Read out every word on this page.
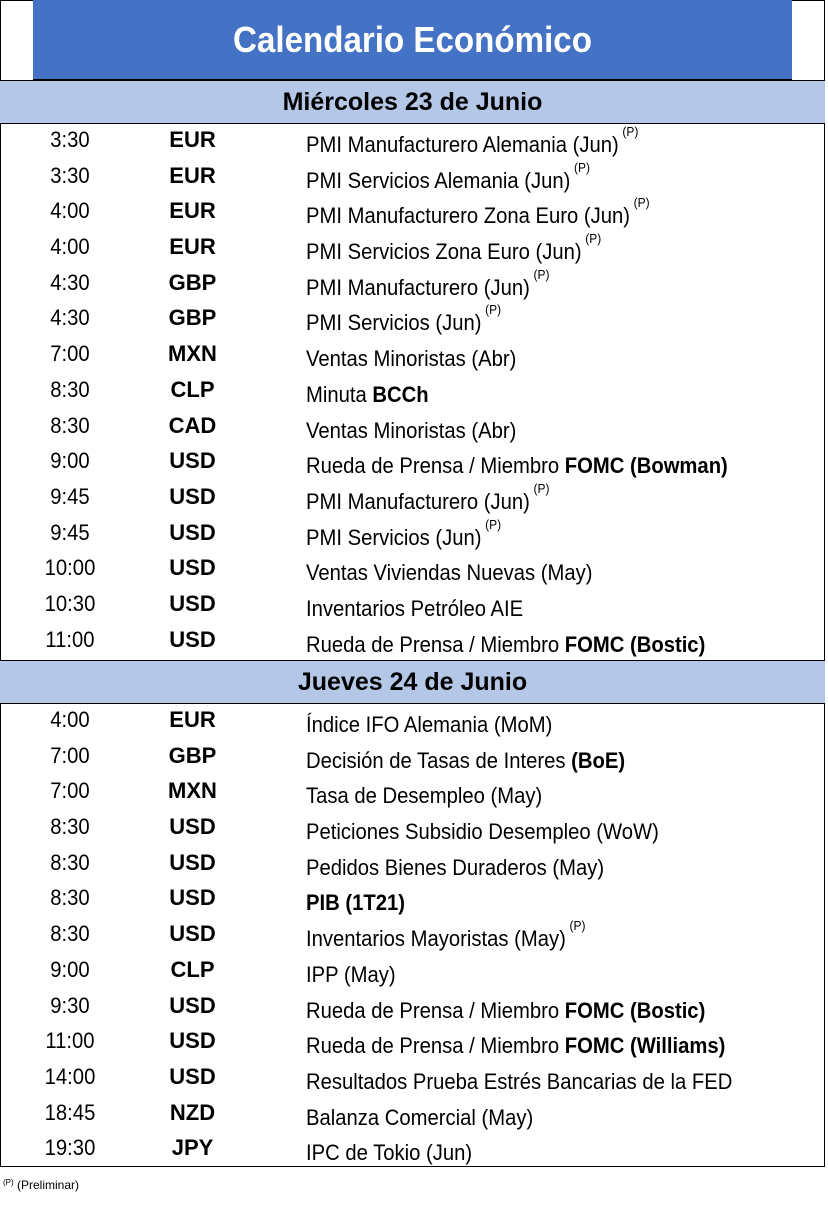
Calendario Económico
Miércoles 23 de Junio
3:30	EUR	PMI Manufacturero Alemania (Jun)$^{(P)}$
3:30	EUR	PMI Servicios Alemania (Jun)$^{(P)}$
4:00	EUR	PMI Manufacturero Zona Euro (Jun)$^{(P)}$
4:00	EUR	PMI Servicios Zona Euro (Jun)$^{(P)}$
4:30	GBP	PMI Manufacturero (Jun)$^{(P)}$
4:30	GBP	PMI Servicios (Jun)$^{(P)}$
7:00	MXN	Ventas Minoristas (Abr)
8:30	CLP	Minuta BCCh
8:30	CAD	Ventas Minoristas (Abr)
9:00	USD	Rueda de Prensa / Miembro FOMC (Bowman)
9:45	USD	PMI Manufacturero (Jun)$^{(P)}$
9:45	USD	PMI Servicios (Jun)$^{(P)}$
10:00	USD	Ventas Viviendas Nuevas (May)
10:30	USD	Inventarios Petróleo AIE
11:00	USD	Rueda de Prensa / Miembro FOMC (Bostic)
Jueves 24 de Junio
4:00	EUR	Índice IFO Alemania (MoM)
7:00	GBP	Decisión de Tasas de Interes (BoE)
7:00	MXN	Tasa de Desempleo (May)
8:30	USD	Peticiones Subsidio Desempleo (WoW)
8:30	USD	Pedidos Bienes Duraderos (May)
8:30	USD	PIB (1T21)
8:30	USD	Inventarios Mayoristas (May)$^{(P)}$
9:00	CLP	IPP (May)
9:30	USD	Rueda de Prensa / Miembro FOMC (Bostic)
11:00	USD	Rueda de Prensa / Miembro FOMC (Williams)
14:00	USD	Resultados Prueba Estrés Bancarias de la FED
18:45	NZD	Balanza Comercial (May)
19:30	JPY	IPC de Tokio (Jun)
$^{(P)}$ (Preliminar)
